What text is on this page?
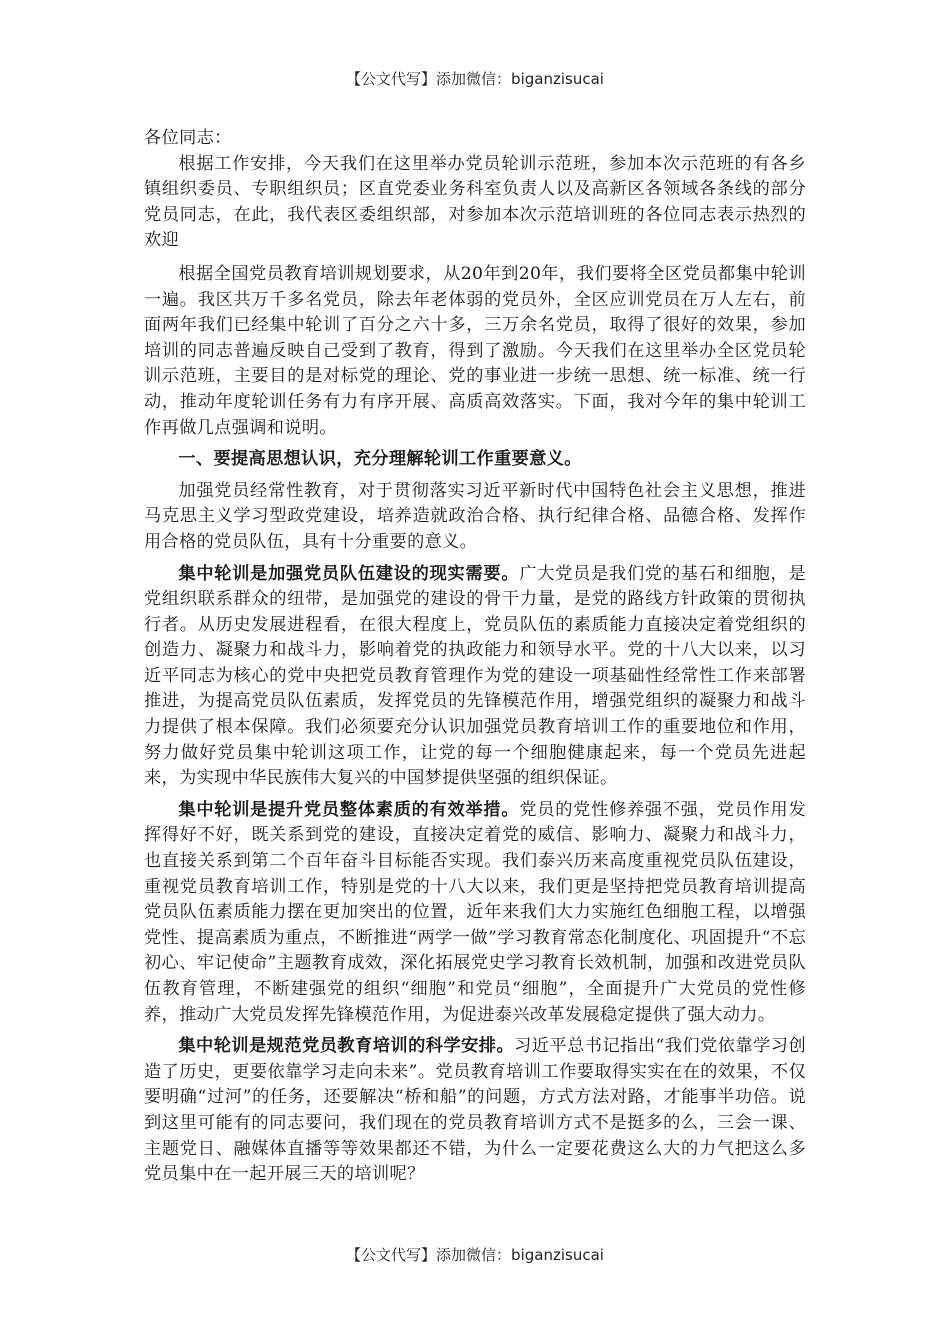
【公文代写】添加微信：biganzisucai

各位同志：

根据工作安排，今天我们在这里举办党员轮训示范班，参加本次示范班的有各乡镇组织委员、专职组织员；区直党委业务科室负责人以及高新区各领域各条线的部分党员同志，在此，我代表区委组织部，对参加本次示范培训班的各位同志表示热烈的欢迎

根据全国党员教育培训规划要求，从20年到20年，我们要将全区党员都集中轮训一遍。我区共万千多名党员，除去年老体弱的党员外，全区应训党员在万人左右，前面两年我们已经集中轮训了百分之六十多，三万余名党员，取得了很好的效果，参加培训的同志普遍反映自己受到了教育，得到了激励。今天我们在这里举办全区党员轮训示范班，主要目的是对标党的理论、党的事业进一步统一思想、统一标准、统一行动，推动年度轮训任务有力有序开展、高质高效落实。下面，我对今年的集中轮训工作再做几点强调和说明。

一、要提高思想认识，充分理解轮训工作重要意义。

加强党员经常性教育，对于贯彻落实习近平新时代中国特色社会主义思想，推进马克思主义学习型政党建设，培养造就政治合格、执行纪律合格、品德合格、发挥作用合格的党员队伍，具有十分重要的意义。

集中轮训是加强党员队伍建设的现实需要。广大党员是我们党的基石和细胞，是党组织联系群众的纽带，是加强党的建设的骨干力量，是党的路线方针政策的贯彻执行者。从历史发展进程看，在很大程度上，党员队伍的素质能力直接决定着党组织的创造力、凝聚力和战斗力，影响着党的执政能力和领导水平。党的十八大以来，以习近平同志为核心的党中央把党员教育管理作为党的建设一项基础性经常性工作来部署推进，为提高党员队伍素质，发挥党员的先锋模范作用，增强党组织的凝聚力和战斗力提供了根本保障。我们必须要充分认识加强党员教育培训工作的重要地位和作用，努力做好党员集中轮训这项工作，让党的每一个细胞健康起来，每一个党员先进起来，为实现中华民族伟大复兴的中国梦提供坚强的组织保证。

集中轮训是提升党员整体素质的有效举措。党员的党性修养强不强，党员作用发挥得好不好，既关系到党的建设，直接决定着党的威信、影响力、凝聚力和战斗力，也直接关系到第二个百年奋斗目标能否实现。我们泰兴历来高度重视党员队伍建设，重视党员教育培训工作，特别是党的十八大以来，我们更是坚持把党员教育培训提高党员队伍素质能力摆在更加突出的位置，近年来我们大力实施红色细胞工程，以增强党性、提高素质为重点，不断推进“两学一做”学习教育常态化制度化、巩固提升“不忘初心、牢记使命”主题教育成效，深化拓展党史学习教育长效机制，加强和改进党员队伍教育管理，不断建强党的组织“细胞”和党员“细胞”，全面提升广大党员的党性修养，推动广大党员发挥先锋模范作用，为促进泰兴改革发展稳定提供了强大动力。

集中轮训是规范党员教育培训的科学安排。习近平总书记指出“我们党依靠学习创造了历史，更要依靠学习走向未来”。党员教育培训工作要取得实实在在的效果，不仅要明确“过河”的任务，还要解决“桥和船”的问题，方式方法对路，才能事半功倍。说到这里可能有的同志要问，我们现在的党员教育培训方式不是挺多的么，三会一课、主题党日、融媒体直播等等效果都还不错，为什么一定要花费这么大的力气把这么多党员集中在一起开展三天的培训呢？

【公文代写】添加微信：biganzisucai
